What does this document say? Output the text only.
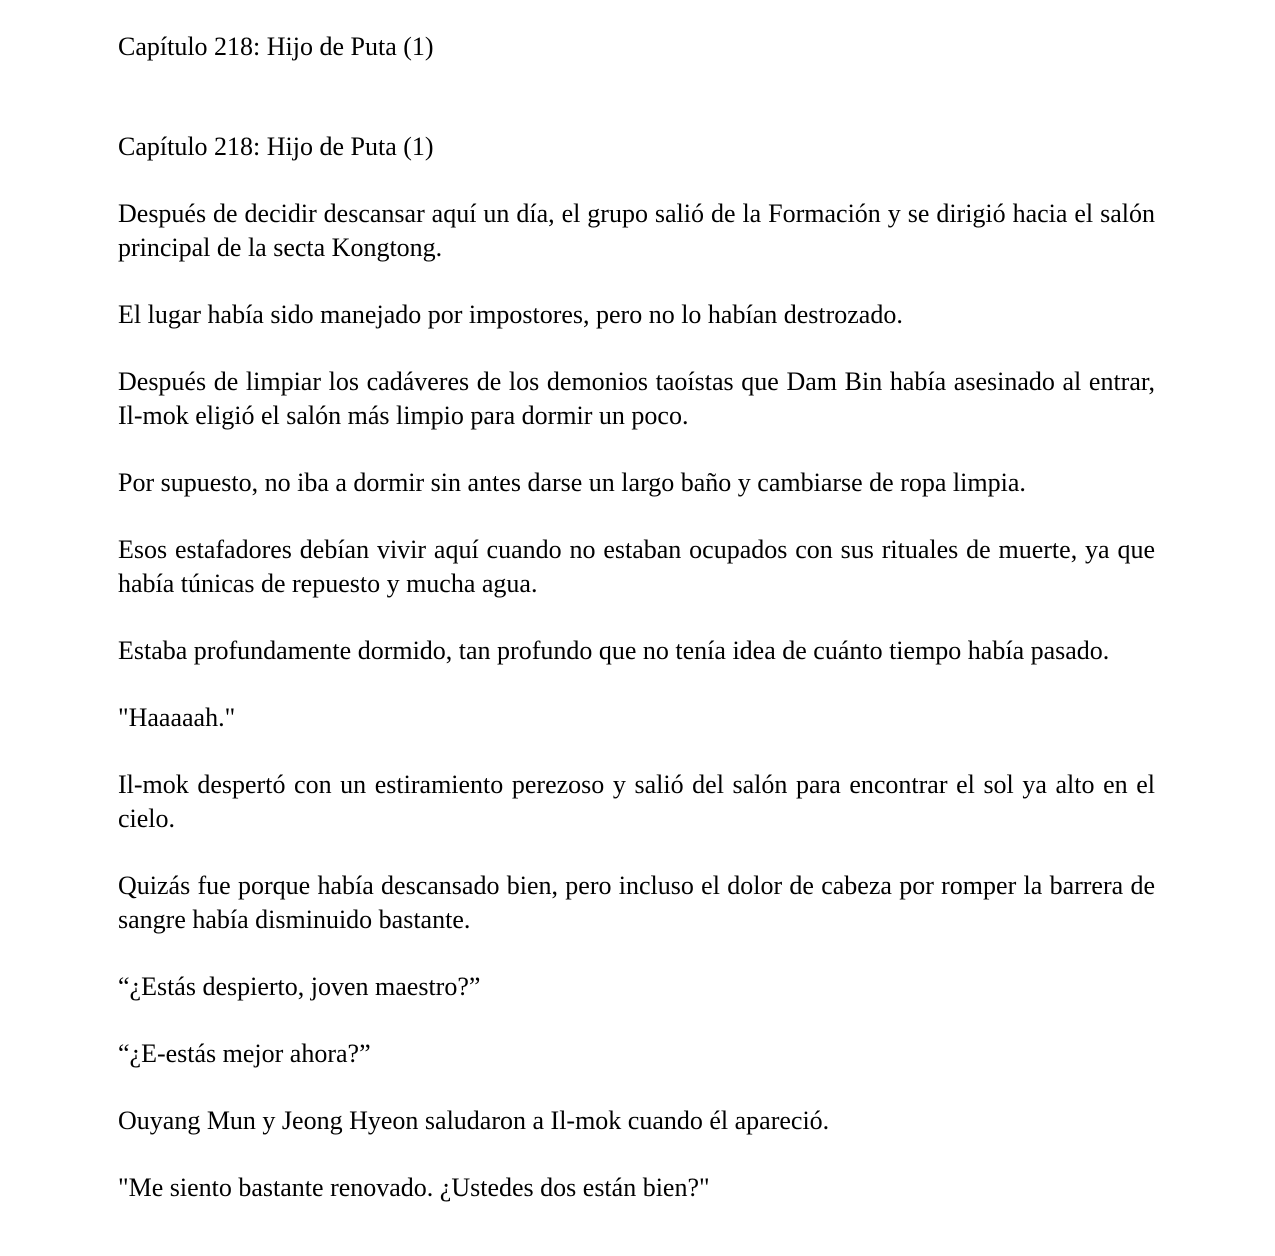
Capítulo 218: Hijo de Puta (1)

Capítulo 218: Hijo de Puta (1)

Después de decidir descansar aquí un día, el grupo salió de la Formación y se dirigió hacia el salón principal de la secta Kongtong.

El lugar había sido manejado por impostores, pero no lo habían destrozado.

Después de limpiar los cadáveres de los demonios taoístas que Dam Bin había asesinado al entrar, Il-mok eligió el salón más limpio para dormir un poco.

Por supuesto, no iba a dormir sin antes darse un largo baño y cambiarse de ropa limpia.

Esos estafadores debían vivir aquí cuando no estaban ocupados con sus rituales de muerte, ya que había túnicas de repuesto y mucha agua.

Estaba profundamente dormido, tan profundo que no tenía idea de cuánto tiempo había pasado.

"Haaaaah."

Il-mok despertó con un estiramiento perezoso y salió del salón para encontrar el sol ya alto en el cielo.

Quizás fue porque había descansado bien, pero incluso el dolor de cabeza por romper la barrera de sangre había disminuido bastante.

“¿Estás despierto, joven maestro?”

“¿E-estás mejor ahora?”

Ouyang Mun y Jeong Hyeon saludaron a Il-mok cuando él apareció.

"Me siento bastante renovado. ¿Ustedes dos están bien?"
